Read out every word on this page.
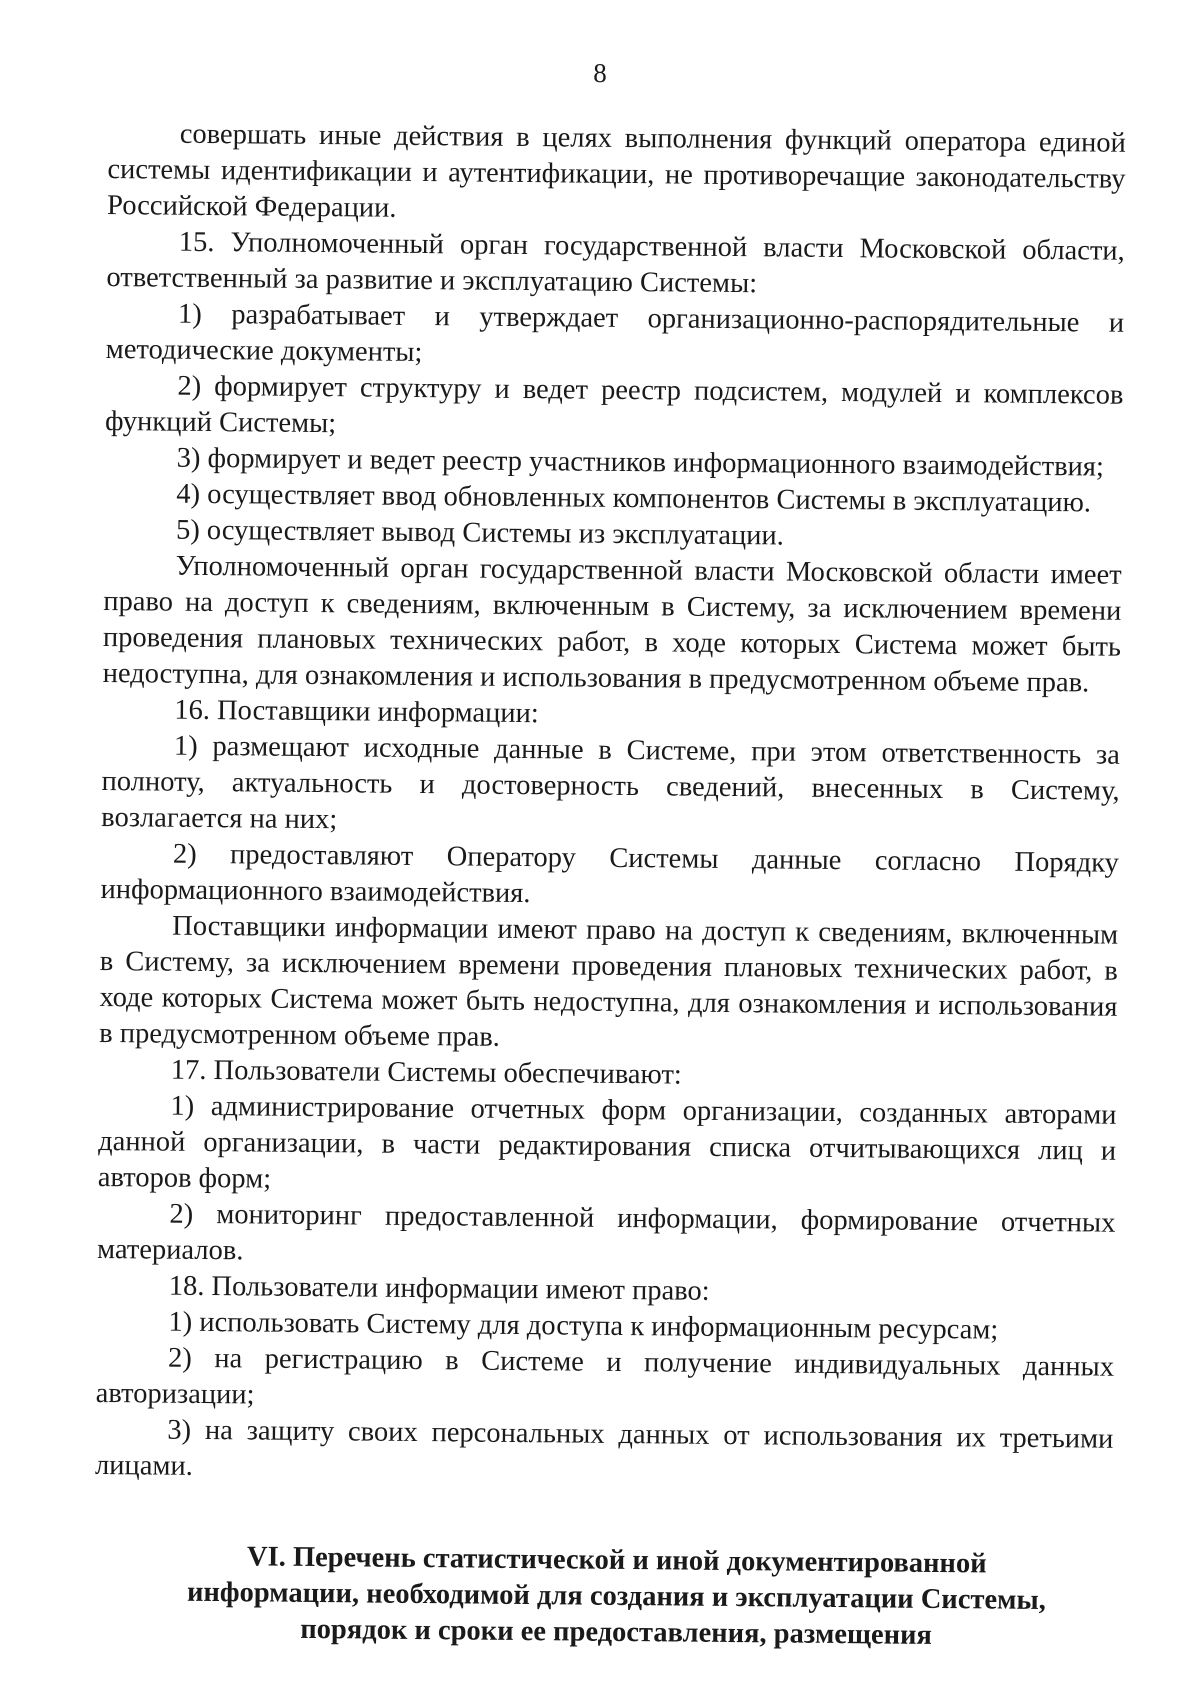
8

совершать иные действия в целях выполнения функций оператора единой системы идентификации и аутентификации, не противоречащие законодательству Российской Федерации.

15. Уполномоченный орган государственной власти Московской области, ответственный за развитие и эксплуатацию Системы:

1) разрабатывает и утверждает организационно-распорядительные и методические документы;

2) формирует структуру и ведет реестр подсистем, модулей и комплексов функций Системы;

3) формирует и ведет реестр участников информационного взаимодействия;

4) осуществляет ввод обновленных компонентов Системы в эксплуатацию.

5) осуществляет вывод Системы из эксплуатации.

Уполномоченный орган государственной власти Московской области имеет право на доступ к сведениям, включенным в Систему, за исключением времени проведения плановых технических работ, в ходе которых Система может быть недоступна, для ознакомления и использования в предусмотренном объеме прав.

16. Поставщики информации:

1) размещают исходные данные в Системе, при этом ответственность за полноту, актуальность и достоверность сведений, внесенных в Систему, возлагается на них;

2) предоставляют Оператору Системы данные согласно Порядку информационного взаимодействия.

Поставщики информации имеют право на доступ к сведениям, включенным в Систему, за исключением времени проведения плановых технических работ, в ходе которых Система может быть недоступна, для ознакомления и использования в предусмотренном объеме прав.

17. Пользователи Системы обеспечивают:

1) администрирование отчетных форм организации, созданных авторами данной организации, в части редактирования списка отчитывающихся лиц и авторов форм;

2) мониторинг предоставленной информации, формирование отчетных материалов.

18. Пользователи информации имеют право:

1) использовать Систему для доступа к информационным ресурсам;

2) на регистрацию в Системе и получение индивидуальных данных авторизации;

3) на защиту своих персональных данных от использования их третьими лицами.

VI. Перечень статистической и иной документированной
информации, необходимой для создания и эксплуатации Системы,
порядок и сроки ее предоставления, размещения
